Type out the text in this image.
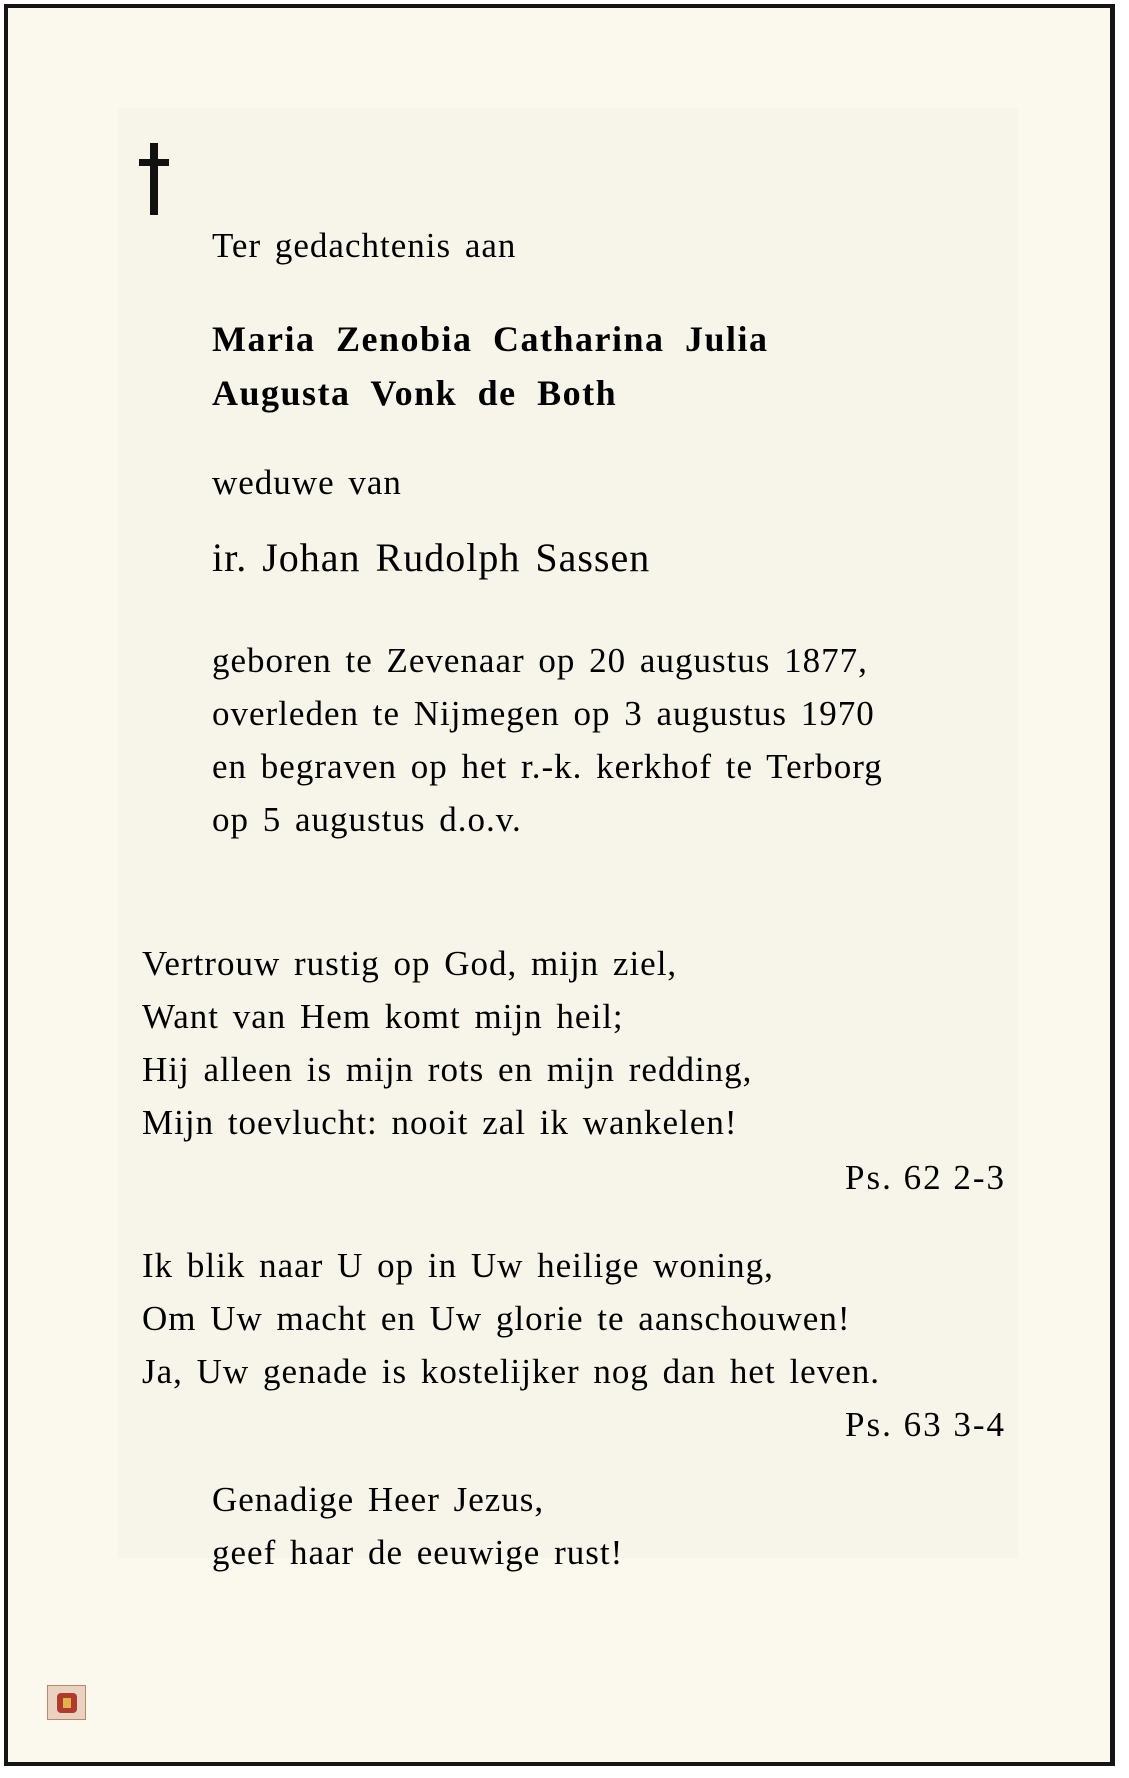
Ter gedachtenis aan
Maria Zenobia Catharina Julia
Augusta Vonk de Both
weduwe van
ir. Johan Rudolph Sassen
geboren te Zevenaar op 20 augustus 1877,
overleden te Nijmegen op 3 augustus 1970
en begraven op het r.-k. kerkhof te Terborg
op 5 augustus d.o.v.
Vertrouw rustig op God, mijn ziel,
Want van Hem komt mijn heil;
Hij alleen is mijn rots en mijn redding,
Mijn toevlucht: nooit zal ik wankelen!
Ps. 62 2-3
Ik blik naar U op in Uw heilige woning,
Om Uw macht en Uw glorie te aanschouwen!
Ja, Uw genade is kostelijker nog dan het leven.
Ps. 63 3-4
Genadige Heer Jezus,
geef haar de eeuwige rust!
